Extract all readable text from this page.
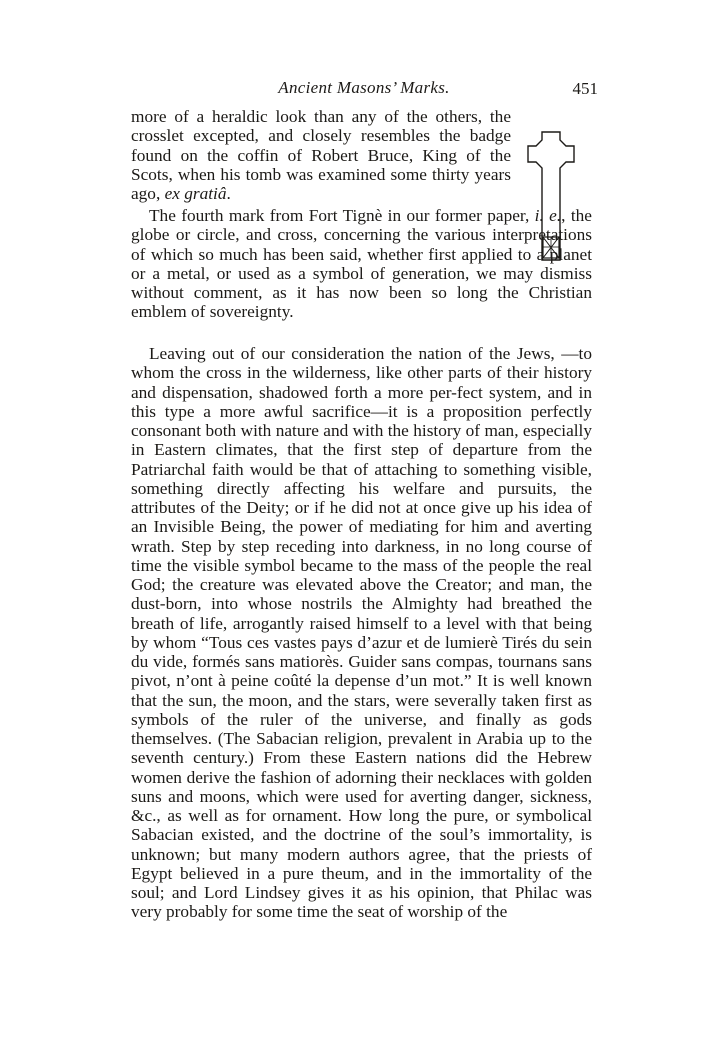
Ancient Masons’ Marks.	451

more of a heraldic look than any of the others, the crosslet excepted, and closely resembles the badge found on the coffin of Robert Bruce, King of the Scots, when his tomb was examined some thirty years ago, ex gratiâ.

The fourth mark from Fort Tignè in our former paper, i. e., the globe or circle, and cross, concerning the various interpretations of which so much has been said, whether first applied to a planet or a metal, or used as a symbol of generation, we may dismiss without comment, as it has now been so long the Christian emblem of sovereignty.

Leaving out of our consideration the nation of the Jews, —to whom the cross in the wilderness, like other parts of their history and dispensation, shadowed forth a more per-fect system, and in this type a more awful sacrifice—it is a proposition perfectly consonant both with nature and with the history of man, especially in Eastern climates, that the first step of departure from the Patriarchal faith would be that of attaching to something visible, something directly affecting his welfare and pursuits, the attributes of the Deity; or if he did not at once give up his idea of an Invisible Being, the power of mediating for him and averting wrath. Step by step receding into darkness, in no long course of time the visible symbol became to the mass of the people the real God; the creature was elevated above the Creator; and man, the dust-born, into whose nostrils the Almighty had breathed the breath of life, arrogantly raised himself to a level with that being by whom “Tous ces vastes pays d’azur et de lumierè Tirés du sein du vide, formés sans matiorès. Guider sans compas, tournans sans pivot, n’ont à peine coûté la depense d’un mot.” It is well known that the sun, the moon, and the stars, were severally taken first as symbols of the ruler of the universe, and finally as gods themselves. (The Sabacian religion, prevalent in Arabia up to the seventh century.) From these Eastern nations did the Hebrew women derive the fashion of adorning their necklaces with golden suns and moons, which were used for averting danger, sickness, &c., as well as for ornament. How long the pure, or symbolical Sabacian existed, and the doctrine of the soul’s immortality, is unknown; but many modern authors agree, that the priests of Egypt believed in a pure theum, and in the immortality of the soul; and Lord Lindsey gives it as his opinion, that Philac was very probably for some time the seat of worship of the
